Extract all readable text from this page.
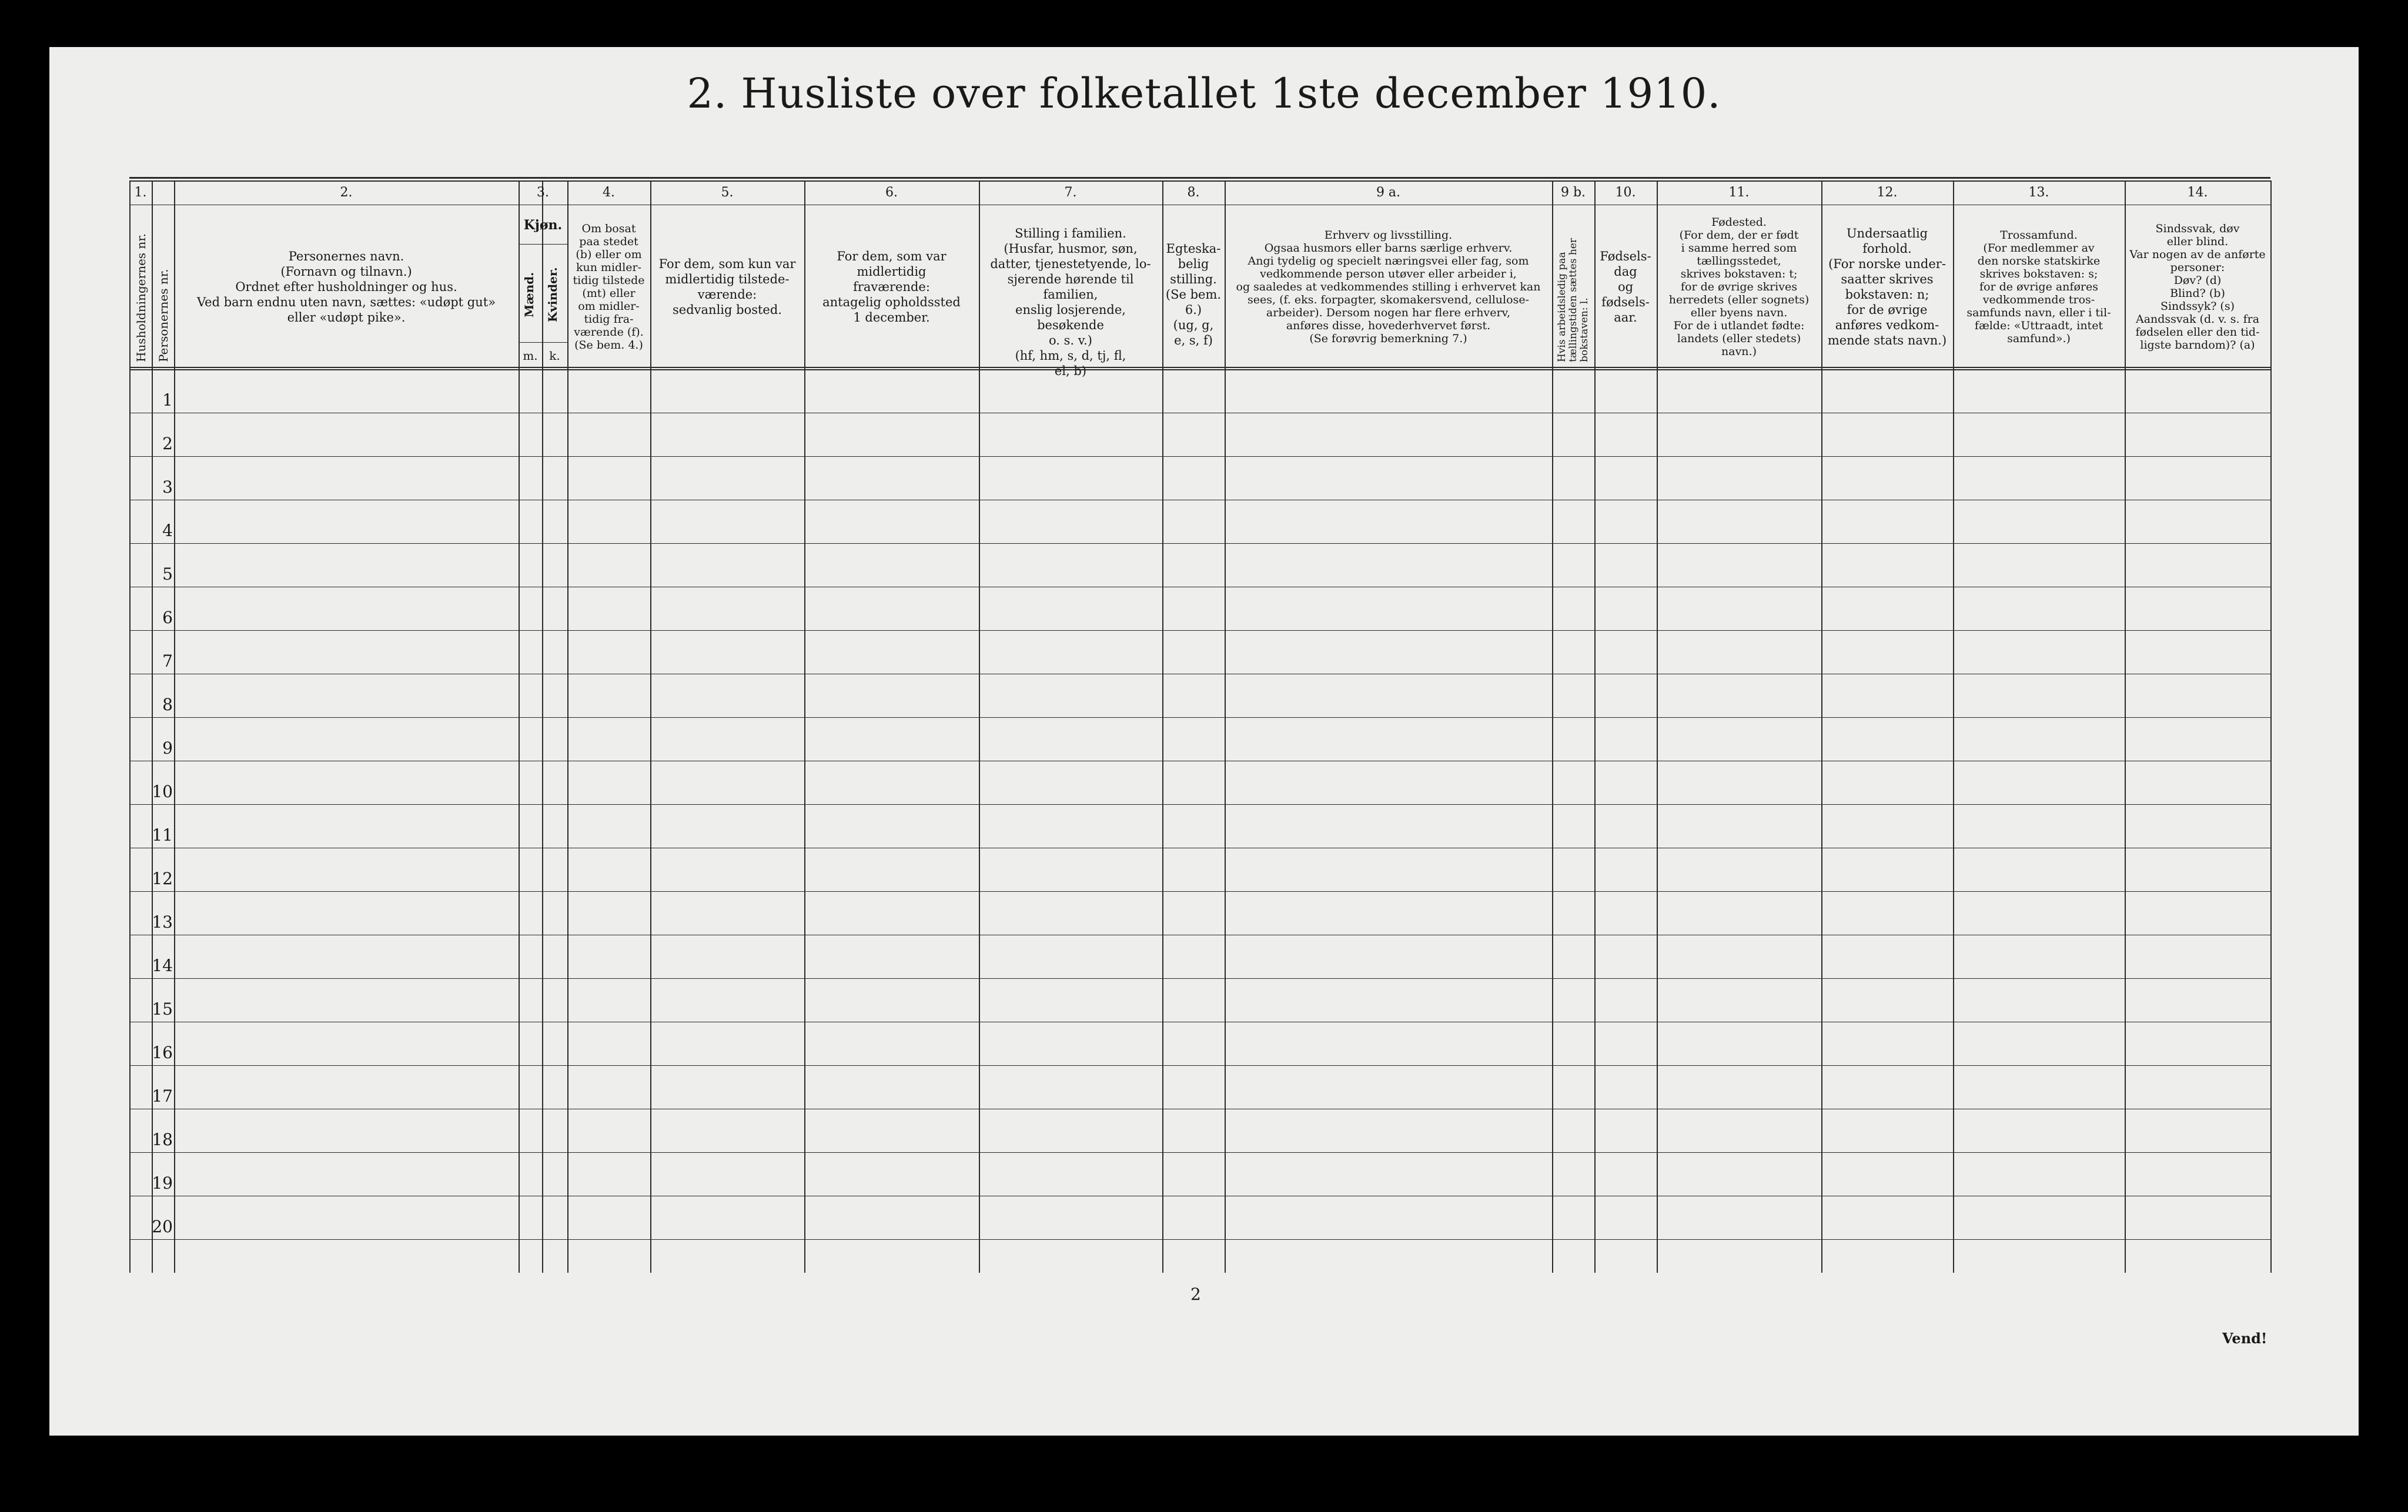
2. Husliste over folketallet 1ste december 1910.
1.
Husholdningernes nr. Personernes nr.
2.
Personernes navn.
(Fornavn og tilnavn.)
Ordnet efter husholdninger og hus.
Ved barn endnu uten navn, sættes: «udøpt gut»
eller «udøpt pike».
3.	4.
Om bosat
paa stedet
(b) eller om
kun midler-
tidig tilstede
(mt) eller
om midler-
tidig fra-
værende (f).
(Se bem. 4.)
5.
For dem, som kun var
midlertidig tilstede-
værende:
sedvanlig bosted.
6.
For dem, som var
midlertidig
fraværende:
antagelig opholdssted
1 december.
7.
Stilling i familien.
(Husfar, husmor, søn,
datter, tjenestetyende, lo-
sjerende hørende til familien,
enslig losjerende, besøkende
o. s. v.)
(hf, hm, s, d, tj, fl,
el, b)
8.
Egteska-
belig
stilling.
(Se bem. 6.)
(ug, g,
e, s, f)
9 a.
Erhverv og livsstilling.
Ogsaa husmors eller barns særlige erhverv.
Angi tydelig og specielt næringsvei eller fag, som
vedkommende person utøver eller arbeider i,
og saaledes at vedkommendes stilling i erhvervet kan
sees, (f. eks. forpagter, skomakersvend, cellulose-
arbeider). Dersom nogen har flere erhverv,
anføres disse, hovederhvervet først.
(Se forøvrig bemerkning 7.)
9 b.
Hvis arbeidsledig paa tællingstiden sættes her bokstaven: l.
10.
Fødsels-
dag
og
fødsels-
aar.
11.
Fødested.
(For dem, der er født
i samme herred som
tællingsstedet,
skrives bokstaven: t;
for de øvrige skrives
herredets (eller sognets)
eller byens navn.
For de i utlandet fødte:
landets (eller stedets)
navn.)
12.
Undersaatlig
forhold.
(For norske under-
saatter skrives
bokstaven: n;
for de øvrige
anføres vedkom-
mende stats navn.)
13.
Trossamfund.
(For medlemmer av
den norske statskirke
skrives bokstaven: s;
for de øvrige anføres
vedkommende tros-
samfunds navn, eller i til-
fælde: «Uttraadt, intet
samfund».)
14.
Sindssvak, døv
eller blind.
Var nogen av de anførte
personer:
Døv? (d)
Blind? (b)
Sindssyk? (s)
Aandssvak (d. v. s. fra
fødselen eller den tid-
ligste barndom)? (a)
Kjøn.
Mænd. Kvinder.
m. k.
1
2
3
4
5
6
7
8
9
10
11
12
13
14
15
16
17
18
19
20
2
Vend!
